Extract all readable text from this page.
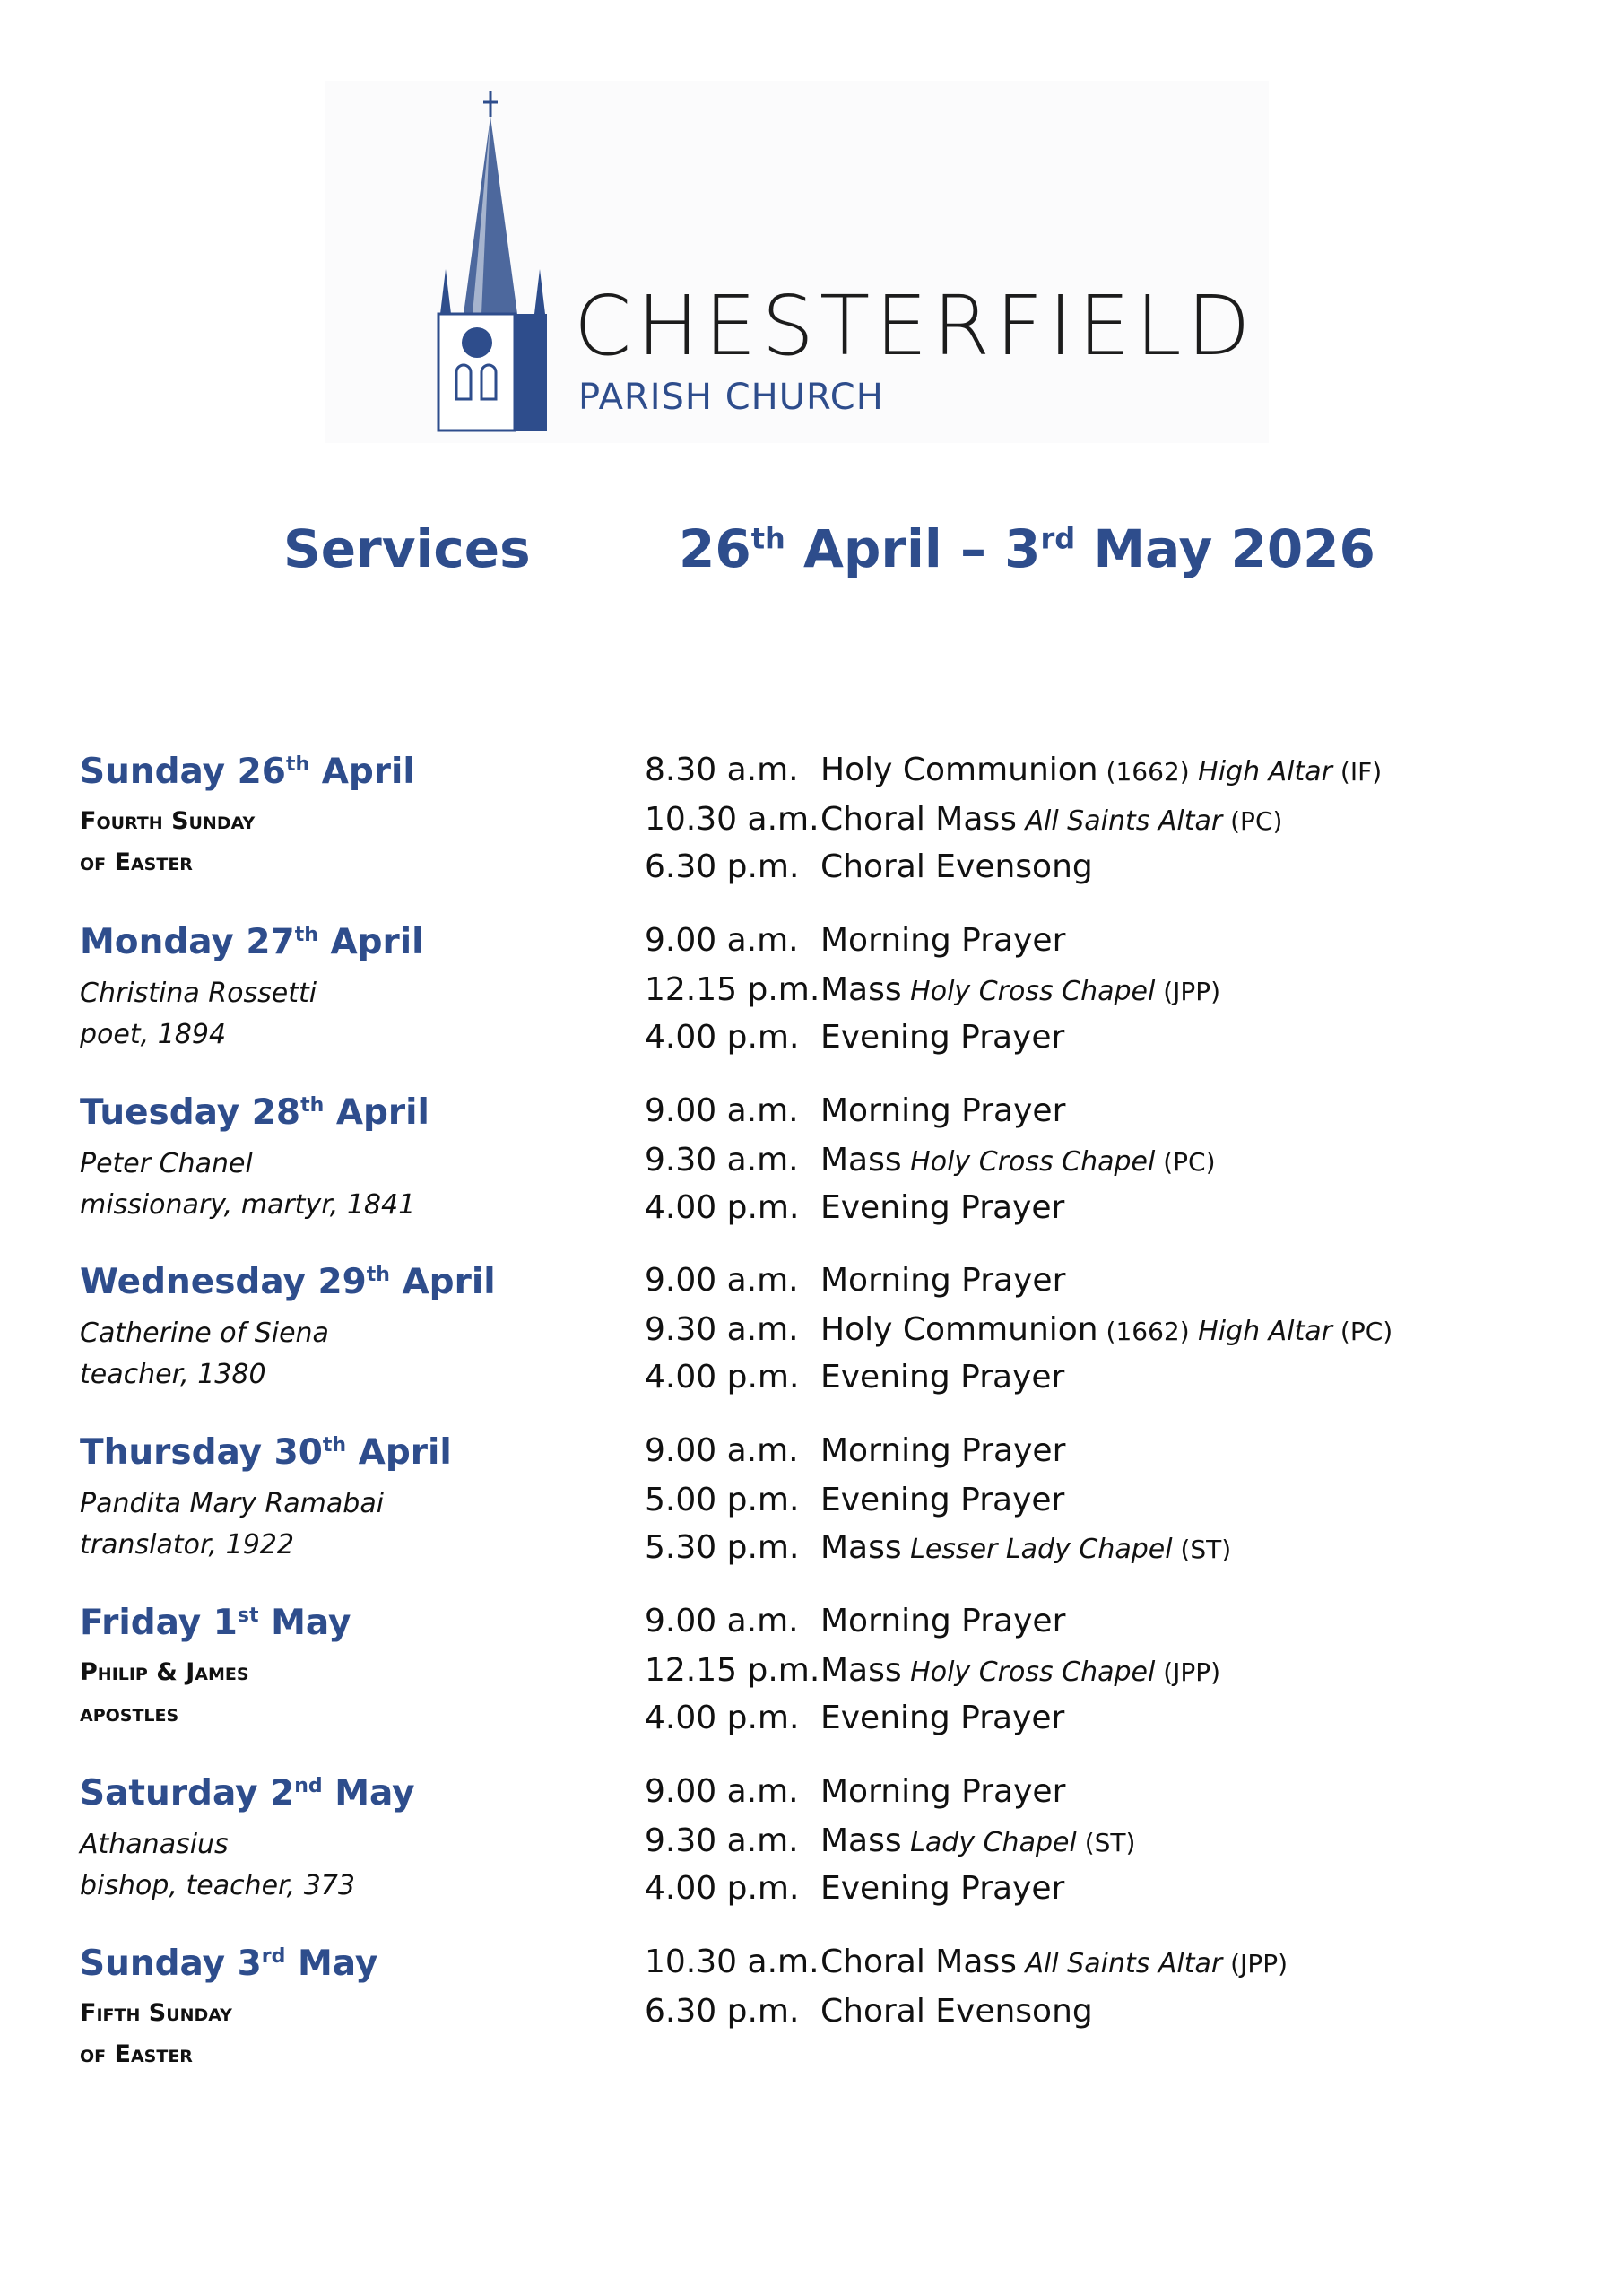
CHESTERFIELD
PARISH CHURCH
Services	26th April – 3rd May 2026
Sunday 26th April
Fourth Sunday
of Easter
8.30 a.m. Holy Communion (1662) High Altar (IF)
10.30 a.m.Choral Mass All Saints Altar (PC)
6.30 p.m. Choral Evensong
Monday 27th April
Christina Rossetti
poet, 1894
9.00 a.m. Morning Prayer
12.15 p.m.Mass Holy Cross Chapel (JPP)
4.00 p.m. Evening Prayer
Tuesday 28th April
Peter Chanel
missionary, martyr, 1841
9.00 a.m. Morning Prayer
9.30 a.m. Mass Holy Cross Chapel (PC)
4.00 p.m. Evening Prayer
Wednesday 29th April
Catherine of Siena
teacher, 1380
9.00 a.m. Morning Prayer
9.30 a.m. Holy Communion (1662) High Altar (PC)
4.00 p.m. Evening Prayer
Thursday 30th April
Pandita Mary Ramabai
translator, 1922
9.00 a.m. Morning Prayer
5.00 p.m. Evening Prayer
5.30 p.m. Mass Lesser Lady Chapel (ST)
Friday 1st May
Philip & James
apostles
9.00 a.m. Morning Prayer
12.15 p.m.Mass Holy Cross Chapel (JPP)
4.00 p.m. Evening Prayer
Saturday 2nd May
Athanasius
bishop, teacher, 373
9.00 a.m. Morning Prayer
9.30 a.m. Mass Lady Chapel (ST)
4.00 p.m. Evening Prayer
Sunday 3rd May
Fifth Sunday
of Easter
10.30 a.m.Choral Mass All Saints Altar (JPP)
6.30 p.m. Choral Evensong
